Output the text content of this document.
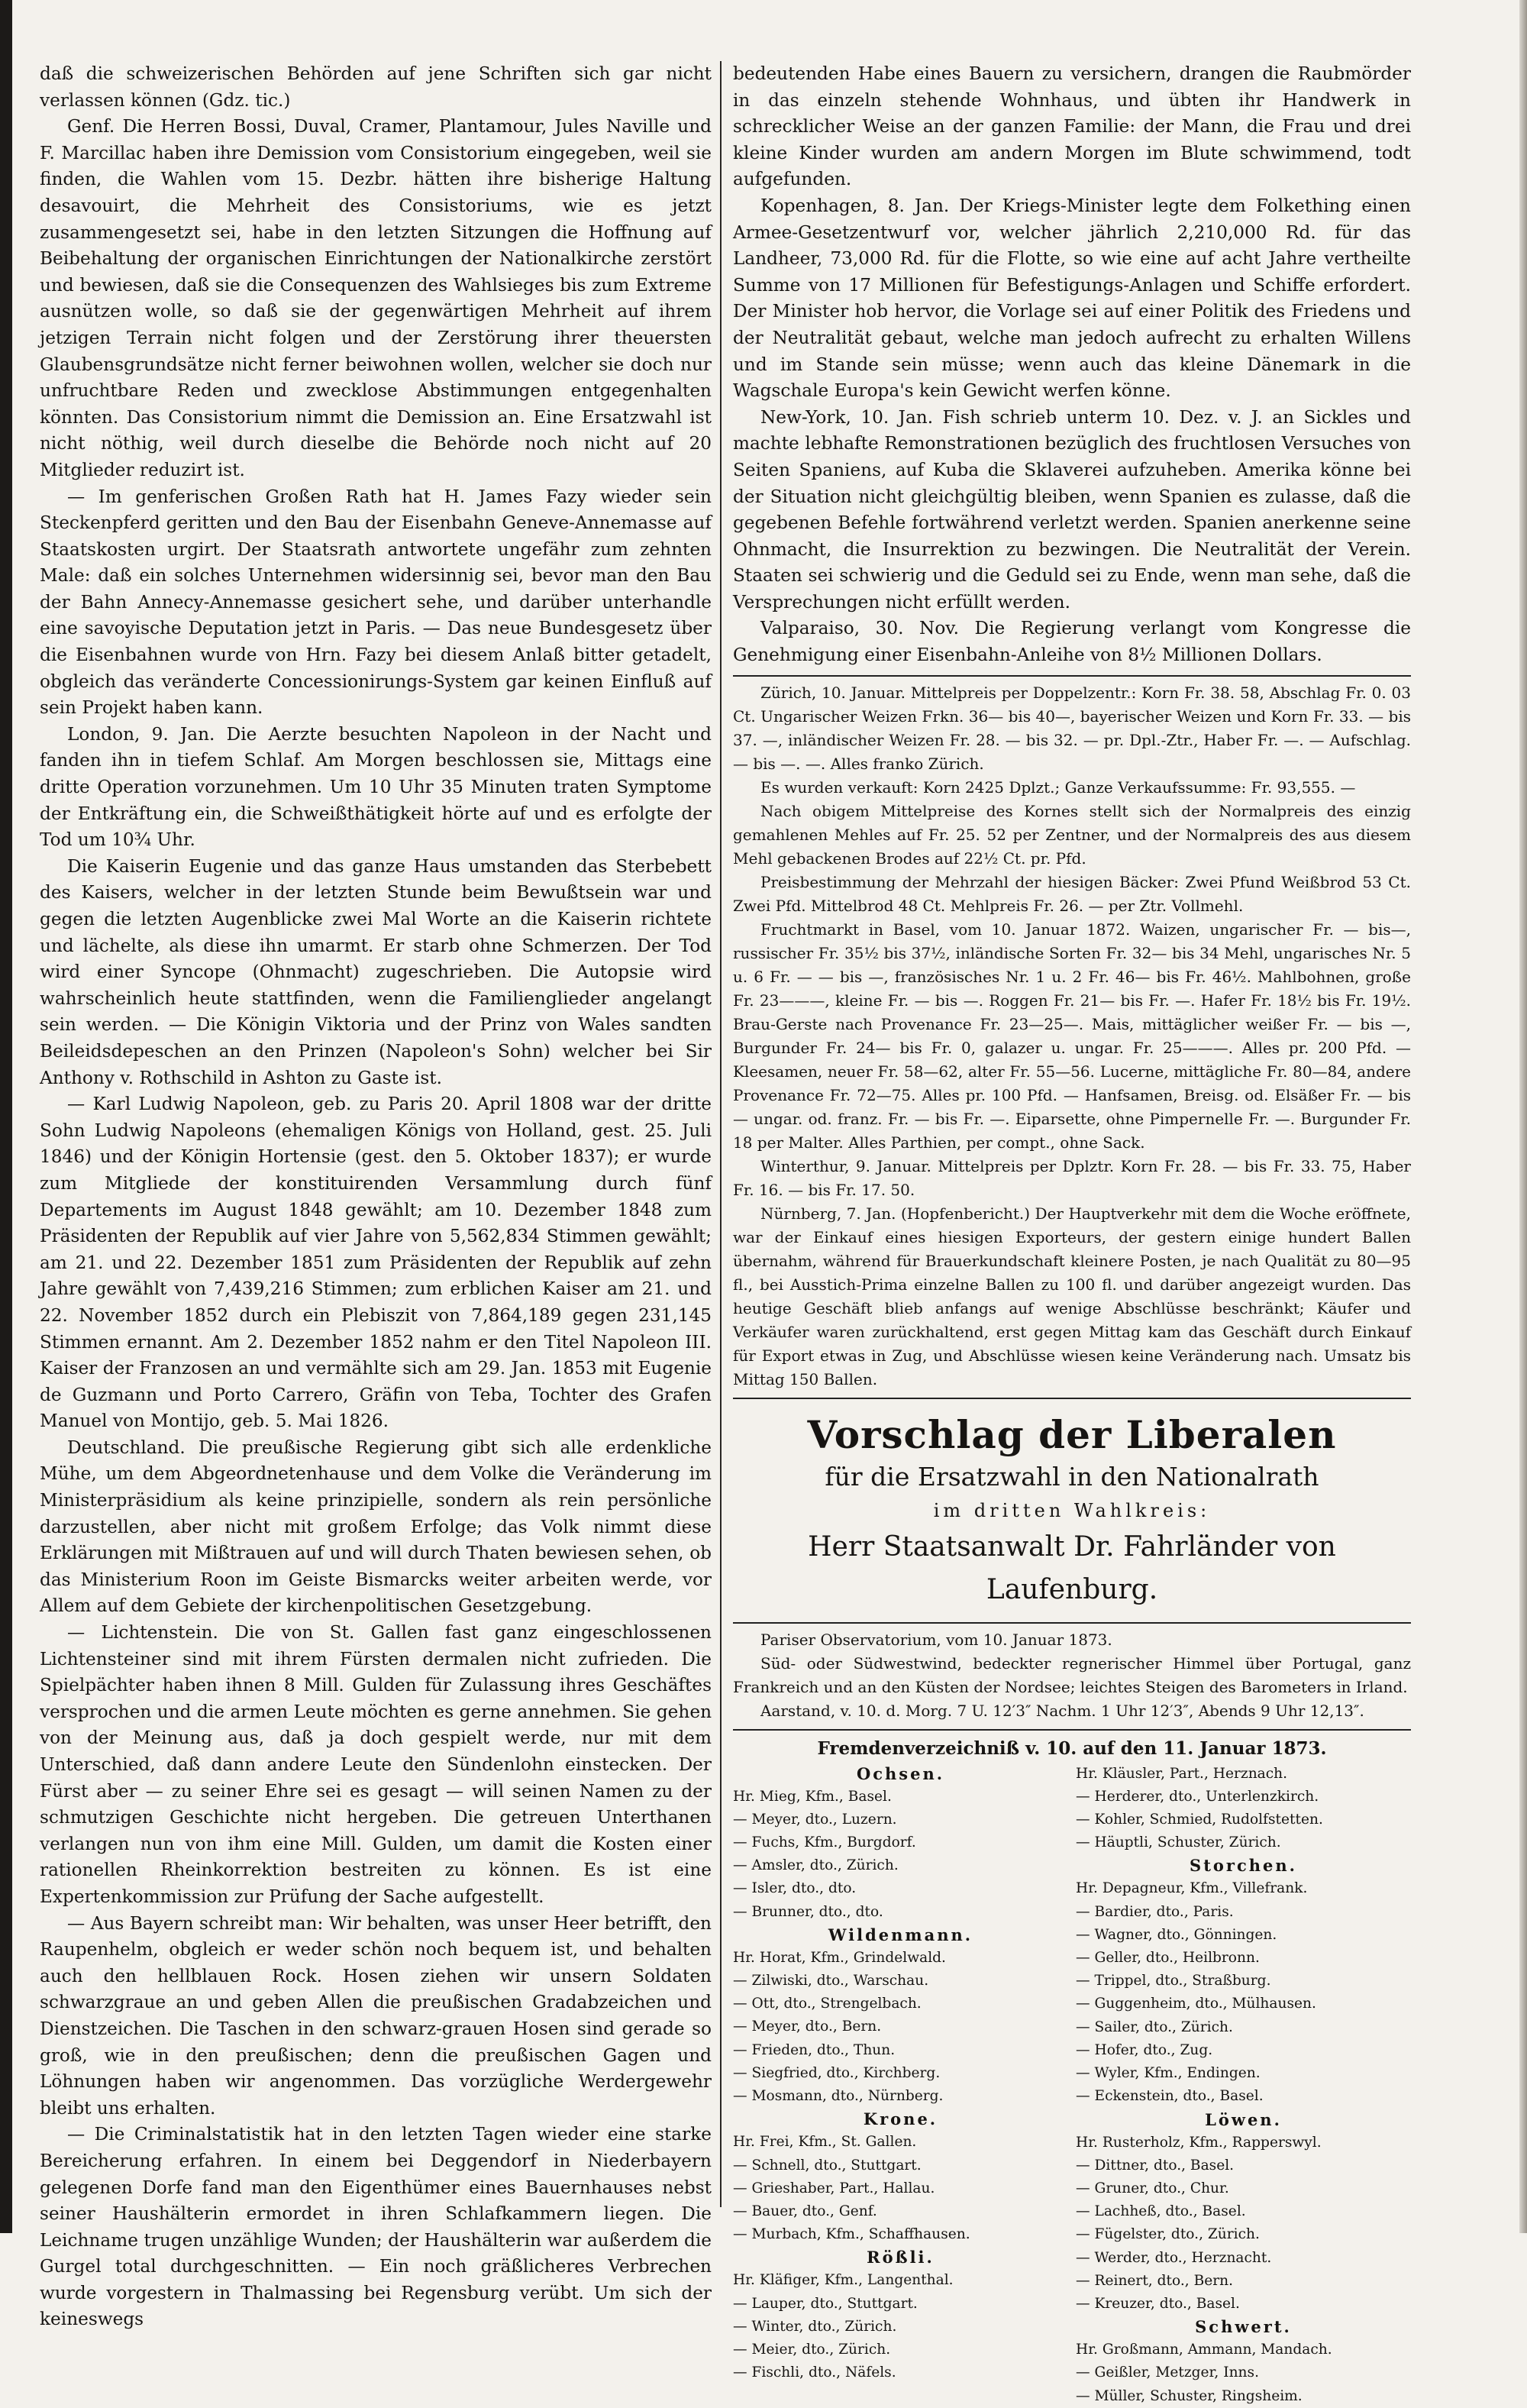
daß die schweizerischen Behörden auf jene Schriften sich gar nicht verlassen können (Gdz. tic.)

Genf. Die Herren Bossi, Duval, Cramer, Plantamour, Jules Naville und F. Marcillac haben ihre Demission vom Consistorium eingegeben, weil sie finden, die Wahlen vom 15. Dezbr. hätten ihre bisherige Haltung desavouirt, die Mehrheit des Consistoriums, wie es jetzt zusammengesetzt sei, habe in den letzten Sitzungen die Hoffnung auf Beibehaltung der organischen Einrichtungen der Nationalkirche zerstört und bewiesen, daß sie die Consequenzen des Wahlsieges bis zum Extreme ausnützen wolle, so daß sie der gegenwärtigen Mehrheit auf ihrem jetzigen Terrain nicht folgen und der Zerstörung ihrer theuersten Glaubensgrundsätze nicht ferner beiwohnen wollen, welcher sie doch nur unfruchtbare Reden und zwecklose Abstimmungen entgegenhalten könnten. Das Consistorium nimmt die Demission an. Eine Ersatzwahl ist nicht nöthig, weil durch dieselbe die Behörde noch nicht auf 20 Mitglieder reduzirt ist.

— Im genferischen Großen Rath hat H. James Fazy wieder sein Steckenpferd geritten und den Bau der Eisenbahn Geneve-Annemasse auf Staatskosten urgirt. Der Staatsrath antwortete ungefähr zum zehnten Male: daß ein solches Unternehmen widersinnig sei, bevor man den Bau der Bahn Annecy-Annemasse gesichert sehe, und darüber unterhandle eine savoyische Deputation jetzt in Paris. — Das neue Bundesgesetz über die Eisenbahnen wurde von Hrn. Fazy bei diesem Anlaß bitter getadelt, obgleich das veränderte Concessionirungs-System gar keinen Einfluß auf sein Projekt haben kann.

London, 9. Jan. Die Aerzte besuchten Napoleon in der Nacht und fanden ihn in tiefem Schlaf. Am Morgen beschlossen sie, Mittags eine dritte Operation vorzunehmen. Um 10 Uhr 35 Minuten traten Symptome der Entkräftung ein, die Schweißthätigkeit hörte auf und es erfolgte der Tod um 10¾ Uhr.

Die Kaiserin Eugenie und das ganze Haus umstanden das Sterbebett des Kaisers, welcher in der letzten Stunde beim Bewußtsein war und gegen die letzten Augenblicke zwei Mal Worte an die Kaiserin richtete und lächelte, als diese ihn umarmt. Er starb ohne Schmerzen. Der Tod wird einer Syncope (Ohnmacht) zugeschrieben. Die Autopsie wird wahrscheinlich heute stattfinden, wenn die Familienglieder angelangt sein werden. — Die Königin Viktoria und der Prinz von Wales sandten Beileidsdepeschen an den Prinzen (Napoleon's Sohn) welcher bei Sir Anthony v. Rothschild in Ashton zu Gaste ist.

— Karl Ludwig Napoleon, geb. zu Paris 20. April 1808 war der dritte Sohn Ludwig Napoleons (ehemaligen Königs von Holland, gest. 25. Juli 1846) und der Königin Hortensie (gest. den 5. Oktober 1837); er wurde zum Mitgliede der konstituirenden Versammlung durch fünf Departements im August 1848 gewählt; am 10. Dezember 1848 zum Präsidenten der Republik auf vier Jahre von 5,562,834 Stimmen gewählt; am 21. und 22. Dezember 1851 zum Präsidenten der Republik auf zehn Jahre gewählt von 7,439,216 Stimmen; zum erblichen Kaiser am 21. und 22. November 1852 durch ein Plebiszit von 7,864,189 gegen 231,145 Stimmen ernannt. Am 2. Dezember 1852 nahm er den Titel Napoleon III. Kaiser der Franzosen an und vermählte sich am 29. Jan. 1853 mit Eugenie de Guzmann und Porto Carrero, Gräfin von Teba, Tochter des Grafen Manuel von Montijo, geb. 5. Mai 1826.

Deutschland. Die preußische Regierung gibt sich alle erdenkliche Mühe, um dem Abgeordnetenhause und dem Volke die Veränderung im Ministerpräsidium als keine prinzipielle, sondern als rein persönliche darzustellen, aber nicht mit großem Erfolge; das Volk nimmt diese Erklärungen mit Mißtrauen auf und will durch Thaten bewiesen sehen, ob das Ministerium Roon im Geiste Bismarcks weiter arbeiten werde, vor Allem auf dem Gebiete der kirchenpolitischen Gesetzgebung.

— Lichtenstein. Die von St. Gallen fast ganz eingeschlossenen Lichtensteiner sind mit ihrem Fürsten dermalen nicht zufrieden. Die Spielpächter haben ihnen 8 Mill. Gulden für Zulassung ihres Geschäftes versprochen und die armen Leute möchten es gerne annehmen. Sie gehen von der Meinung aus, daß ja doch gespielt werde, nur mit dem Unterschied, daß dann andere Leute den Sündenlohn einstecken. Der Fürst aber — zu seiner Ehre sei es gesagt — will seinen Namen zu der schmutzigen Geschichte nicht hergeben. Die getreuen Unterthanen verlangen nun von ihm eine Mill. Gulden, um damit die Kosten einer rationellen Rheinkorrektion bestreiten zu können. Es ist eine Expertenkommission zur Prüfung der Sache aufgestellt.

— Aus Bayern schreibt man: Wir behalten, was unser Heer betrifft, den Raupenhelm, obgleich er weder schön noch bequem ist, und behalten auch den hellblauen Rock. Hosen ziehen wir unsern Soldaten schwarzgraue an und geben Allen die preußischen Gradabzeichen und Dienstzeichen. Die Taschen in den schwarz-grauen Hosen sind gerade so groß, wie in den preußischen; denn die preußischen Gagen und Löhnungen haben wir angenommen. Das vorzügliche Werdergewehr bleibt uns erhalten.

— Die Criminalstatistik hat in den letzten Tagen wieder eine starke Bereicherung erfahren. In einem bei Deggendorf in Niederbayern gelegenen Dorfe fand man den Eigenthümer eines Bauernhauses nebst seiner Haushälterin ermordet in ihren Schlafkammern liegen. Die Leichname trugen unzählige Wunden; der Haushälterin war außerdem die Gurgel total durchgeschnitten. — Ein noch gräßlicheres Verbrechen wurde vorgestern in Thalmassing bei Regensburg verübt. Um sich der keineswegs

bedeutenden Habe eines Bauern zu versichern, drangen die Raubmörder in das einzeln stehende Wohnhaus, und übten ihr Handwerk in schrecklicher Weise an der ganzen Familie: der Mann, die Frau und drei kleine Kinder wurden am andern Morgen im Blute schwimmend, todt aufgefunden.

Kopenhagen, 8. Jan. Der Kriegs-Minister legte dem Folkething einen Armee-Gesetzentwurf vor, welcher jährlich 2,210,000 Rd. für das Landheer, 73,000 Rd. für die Flotte, so wie eine auf acht Jahre vertheilte Summe von 17 Millionen für Befestigungs-Anlagen und Schiffe erfordert. Der Minister hob hervor, die Vorlage sei auf einer Politik des Friedens und der Neutralität gebaut, welche man jedoch aufrecht zu erhalten Willens und im Stande sein müsse; wenn auch das kleine Dänemark in die Wagschale Europa's kein Gewicht werfen könne.

New-York, 10. Jan. Fish schrieb unterm 10. Dez. v. J. an Sickles und machte lebhafte Remonstrationen bezüglich des fruchtlosen Versuches von Seiten Spaniens, auf Kuba die Sklaverei aufzuheben. Amerika könne bei der Situation nicht gleichgültig bleiben, wenn Spanien es zulasse, daß die gegebenen Befehle fortwährend verletzt werden. Spanien anerkenne seine Ohnmacht, die Insurrektion zu bezwingen. Die Neutralität der Verein. Staaten sei schwierig und die Geduld sei zu Ende, wenn man sehe, daß die Versprechungen nicht erfüllt werden.

Valparaiso, 30. Nov. Die Regierung verlangt vom Kongresse die Genehmigung einer Eisenbahn-Anleihe von 8½ Millionen Dollars.

Zürich, 10. Januar. Mittelpreis per Doppelzentr.: Korn Fr. 38. 58, Abschlag Fr. 0. 03 Ct. Ungarischer Weizen Frkn. 36— bis 40—, bayerischer Weizen und Korn Fr. 33. — bis 37. —, inländischer Weizen Fr. 28. — bis 32. — pr. Dpl.-Ztr., Haber Fr. —. — Aufschlag. — bis —. —. Alles franko Zürich.

Es wurden verkauft: Korn 2425 Dplzt.; Ganze Verkaufssumme: Fr. 93,555. —

Nach obigem Mittelpreise des Kornes stellt sich der Normalpreis des einzig gemahlenen Mehles auf Fr. 25. 52 per Zentner, und der Normalpreis des aus diesem Mehl gebackenen Brodes auf 22½ Ct. pr. Pfd.

Preisbestimmung der Mehrzahl der hiesigen Bäcker: Zwei Pfund Weißbrod 53 Ct. Zwei Pfd. Mittelbrod 48 Ct. Mehlpreis Fr. 26. — per Ztr. Vollmehl.

Fruchtmarkt in Basel, vom 10. Januar 1872. Waizen, ungarischer Fr. — bis—, russischer Fr. 35½ bis 37½, inländische Sorten Fr. 32— bis 34 Mehl, ungarisches Nr. 5 u. 6 Fr. — — bis —, französisches Nr. 1 u. 2 Fr. 46— bis Fr. 46½. Mahlbohnen, große Fr. 23———, kleine Fr. — bis —. Roggen Fr. 21— bis Fr. —. Hafer Fr. 18½ bis Fr. 19½. Brau-Gerste nach Provenance Fr. 23—25—. Mais, mittäglicher weißer Fr. — bis —, Burgunder Fr. 24— bis Fr. 0, galazer u. ungar. Fr. 25———. Alles pr. 200 Pfd. — Kleesamen, neuer Fr. 58—62, alter Fr. 55—56. Lucerne, mittägliche Fr. 80—84, andere Provenance Fr. 72—75. Alles pr. 100 Pfd. — Hanfsamen, Breisg. od. Elsäßer Fr. — bis — ungar. od. franz. Fr. — bis Fr. —. Eiparsette, ohne Pimpernelle Fr. —. Burgunder Fr. 18 per Malter. Alles Parthien, per compt., ohne Sack.

Winterthur, 9. Januar. Mittelpreis per Dplztr. Korn Fr. 28. — bis Fr. 33. 75, Haber Fr. 16. — bis Fr. 17. 50.

Nürnberg, 7. Jan. (Hopfenbericht.) Der Hauptverkehr mit dem die Woche eröffnete, war der Einkauf eines hiesigen Exporteurs, der gestern einige hundert Ballen übernahm, während für Brauerkundschaft kleinere Posten, je nach Qualität zu 80—95 fl., bei Ausstich-Prima einzelne Ballen zu 100 fl. und darüber angezeigt wurden. Das heutige Geschäft blieb anfangs auf wenige Abschlüsse beschränkt; Käufer und Verkäufer waren zurückhaltend, erst gegen Mittag kam das Geschäft durch Einkauf für Export etwas in Zug, und Abschlüsse wiesen keine Veränderung nach. Umsatz bis Mittag 150 Ballen.

Vorschlag der Liberalen
für die Ersatzwahl in den Nationalrath
im dritten Wahlkreis:
Herr Staatsanwalt Dr. Fahrländer von Laufenburg.

Pariser Observatorium, vom 10. Januar 1873.

Süd- oder Südwestwind, bedeckter regnerischer Himmel über Portugal, ganz Frankreich und an den Küsten der Nordsee; leichtes Steigen des Barometers in Irland.

Aarstand, v. 10. d. Morg. 7 U. 12′3″ Nachm. 1 Uhr 12′3″, Abends 9 Uhr 12,13″.

Fremdenverzeichniß v. 10. auf den 11. Januar 1873.
Ochsen.
Hr. Mieg, Kfm., Basel.
— Meyer, dto., Luzern.
— Fuchs, Kfm., Burgdorf.
— Amsler, dto., Zürich.
— Isler, dto., dto.
— Brunner, dto., dto.
Wildenmann.
Hr. Horat, Kfm., Grindelwald.
— Zilwiski, dto., Warschau.
— Ott, dto., Strengelbach.
— Meyer, dto., Bern.
— Frieden, dto., Thun.
— Siegfried, dto., Kirchberg.
— Mosmann, dto., Nürnberg.
Krone.
Hr. Frei, Kfm., St. Gallen.
— Schnell, dto., Stuttgart.
— Grieshaber, Part., Hallau.
— Bauer, dto., Genf.
— Murbach, Kfm., Schaffhausen.
Rößli.
Hr. Kläfiger, Kfm., Langenthal.
— Lauper, dto., Stuttgart.
— Winter, dto., Zürich.
— Meier, dto., Zürich.
— Fischli, dto., Näfels.
Hr. Kläusler, Part., Herznach.
— Herderer, dto., Unterlenzkirch.
— Kohler, Schmied, Rudolfstetten.
— Häuptli, Schuster, Zürich.
Storchen.
Hr. Depagneur, Kfm., Villefrank.
— Bardier, dto., Paris.
— Wagner, dto., Gönningen.
— Geller, dto., Heilbronn.
— Trippel, dto., Straßburg.
— Guggenheim, dto., Mülhausen.
— Sailer, dto., Zürich.
— Hofer, dto., Zug.
— Wyler, Kfm., Endingen.
— Eckenstein, dto., Basel.
Löwen.
Hr. Rusterholz, Kfm., Rapperswyl.
— Dittner, dto., Basel.
— Gruner, dto., Chur.
— Lachheß, dto., Basel.
— Fügelster, dto., Zürich.
— Werder, dto., Herznacht.
— Reinert, dto., Bern.
— Kreuzer, dto., Basel.
Schwert.
Hr. Großmann, Ammann, Mandach.
— Geißler, Metzger, Inns.
— Müller, Schuster, Ringsheim.
